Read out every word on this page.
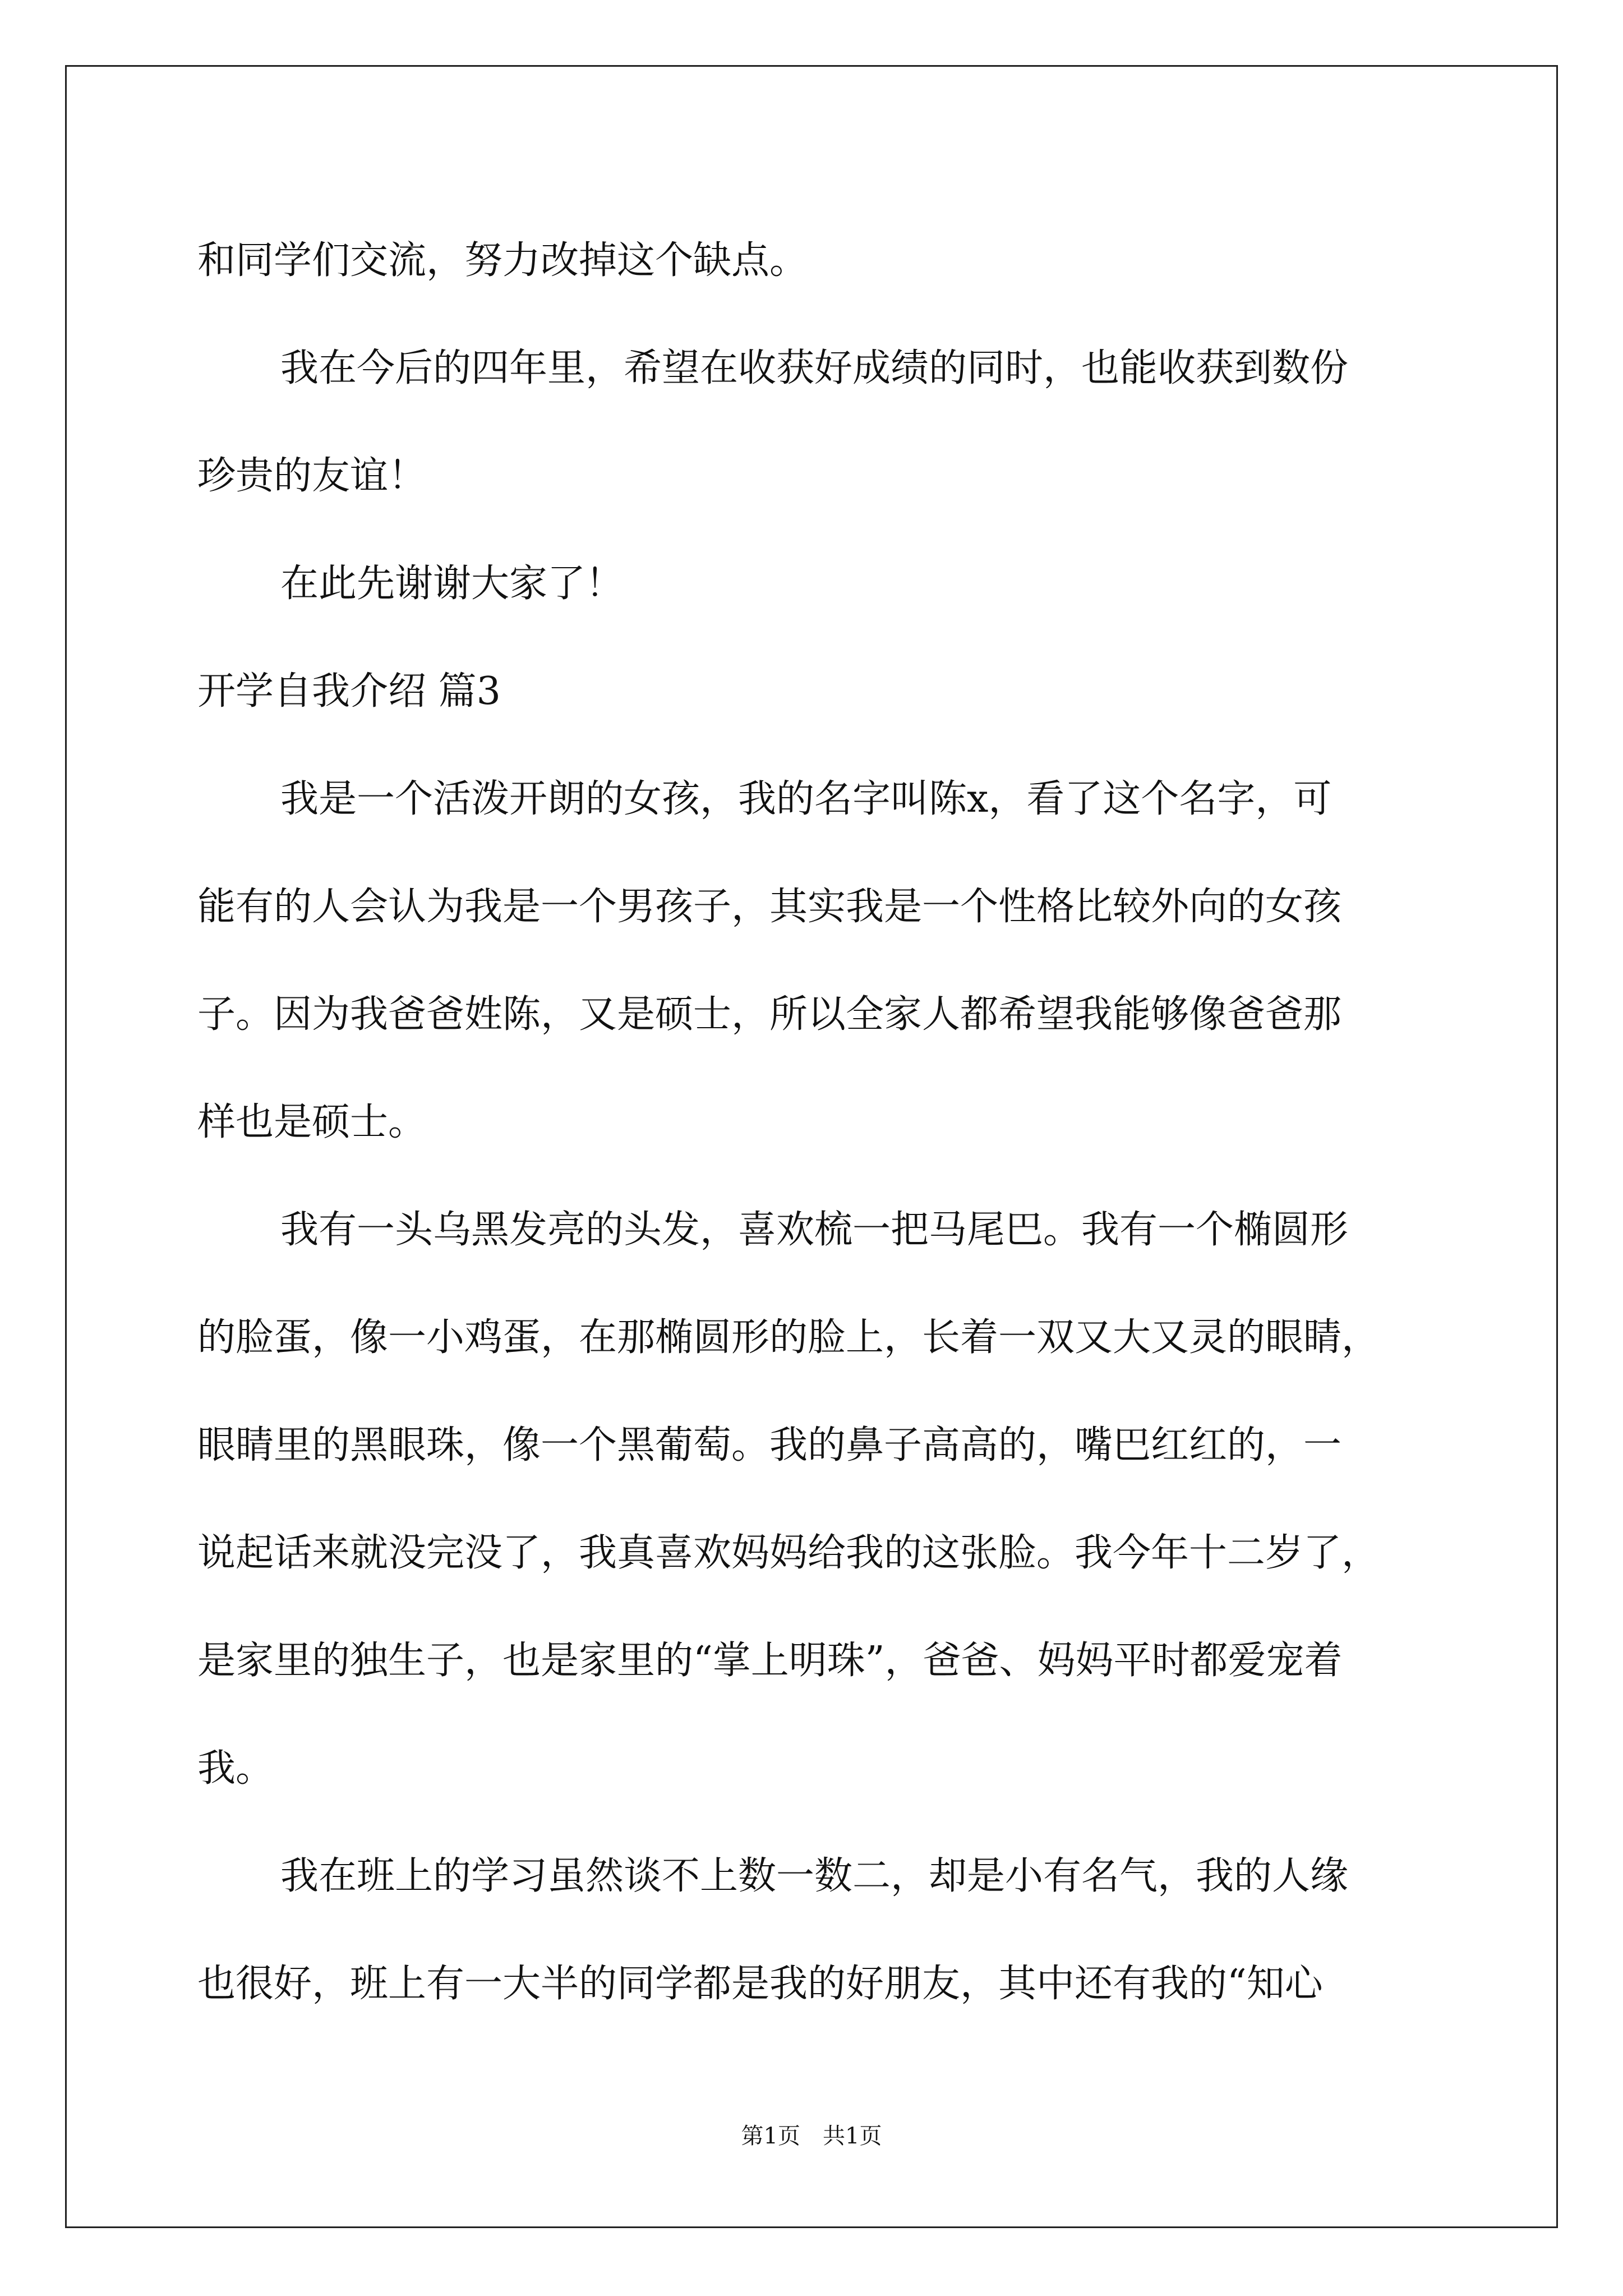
和同学们交流，努力改掉这个缺点。
我在今后的四年里，希望在收获好成绩的同时，也能收获到数份
珍贵的友谊！
在此先谢谢大家了！
开学自我介绍 篇3
我是一个活泼开朗的女孩，我的名字叫陈x，看了这个名字，可
能有的人会认为我是一个男孩子，其实我是一个性格比较外向的女孩
子。因为我爸爸姓陈，又是硕士，所以全家人都希望我能够像爸爸那
样也是硕士。
我有一头乌黑发亮的头发，喜欢梳一把马尾巴。我有一个椭圆形
的脸蛋，像一小鸡蛋，在那椭圆形的脸上，长着一双又大又灵的眼睛，
眼睛里的黑眼珠，像一个黑葡萄。我的鼻子高高的，嘴巴红红的，一
说起话来就没完没了，我真喜欢妈妈给我的这张脸。我今年十二岁了，
是家里的独生子，也是家里的“掌上明珠”，爸爸、妈妈平时都爱宠着
我。
我在班上的学习虽然谈不上数一数二，却是小有名气，我的人缘
也很好，班上有一大半的同学都是我的好朋友，其中还有我的“知心
第1页　共1页
